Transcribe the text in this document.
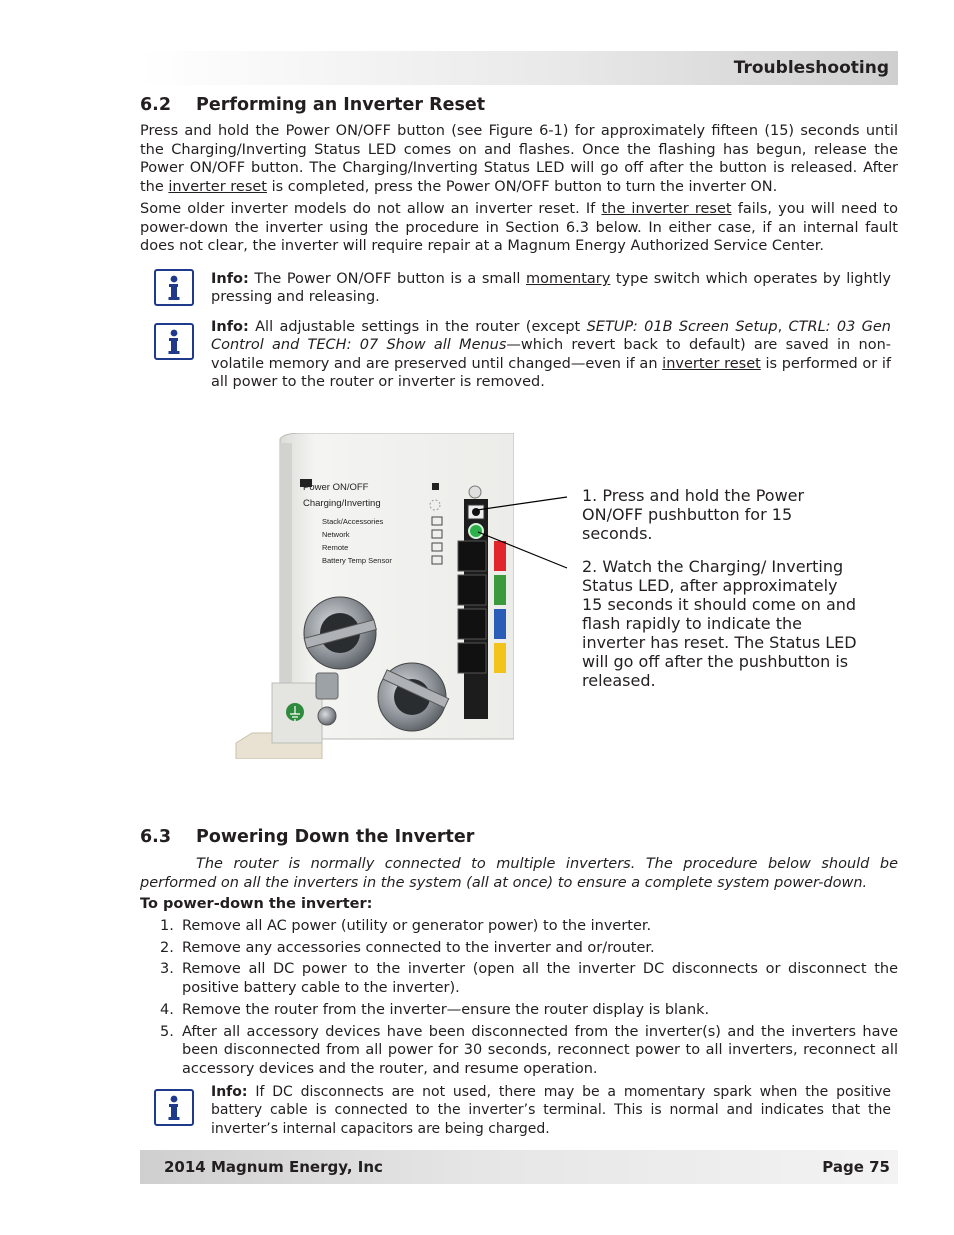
Troubleshooting
6.2 Performing an Inverter Reset

Press and hold the Power ON/OFF button (see Figure 6-1) for approximately fifteen (15) seconds until the Charging/Inverting Status LED comes on and flashes. Once the flashing has begun, release the Power ON/OFF button. The Charging/Inverting Status LED will go off after the button is released. After the inverter reset is completed, press the Power ON/OFF button to turn the inverter ON.

Some older inverter models do not allow an inverter reset. If the inverter reset fails, you will need to power-down the inverter using the procedure in Section 6.3 below. In either case, if an internal fault does not clear, the inverter will require repair at a Magnum Energy Authorized Service Center.

Info: The Power ON/OFF button is a small momentary type switch which operates by lightly pressing and releasing.

Info: All adjustable settings in the router (except SETUP: 01B Screen Setup, CTRL: 03 Gen Control and TECH: 07 Show all Menus—which revert back to default) are saved in non-volatile memory and are preserved until changed—even if an inverter reset is performed or if all power to the router or inverter is removed.

Power ON/OFF
Charging/Inverting
Stack/Accessories
Network
Remote
Battery Temp Sensor

1. Press and hold the Power ON/OFF pushbutton for 15 seconds.

2. Watch the Charging/ Inverting Status LED, after approximately 15 seconds it should come on and flash rapidly to indicate the inverter has reset. The Status LED will go off after the pushbutton is released.

6.3 Powering Down the Inverter

The router is normally connected to multiple inverters. The procedure below should be performed on all the inverters in the system (all at once) to ensure a complete system power-down.

To power-down the inverter:
1. Remove all AC power (utility or generator power) to the inverter.
2. Remove any accessories connected to the inverter and or/router.
3. Remove all DC power to the inverter (open all the inverter DC disconnects or disconnect the positive battery cable to the inverter).
4. Remove the router from the inverter—ensure the router display is blank.
5. After all accessory devices have been disconnected from the inverter(s) and the inverters have been disconnected from all power for 30 seconds, reconnect power to all inverters, reconnect all accessory devices and the router, and resume operation.

Info: If DC disconnects are not used, there may be a momentary spark when the positive battery cable is connected to the inverter’s terminal. This is normal and indicates that the inverter’s internal capacitors are being charged.

2014 Magnum Energy, Inc	Page 75
